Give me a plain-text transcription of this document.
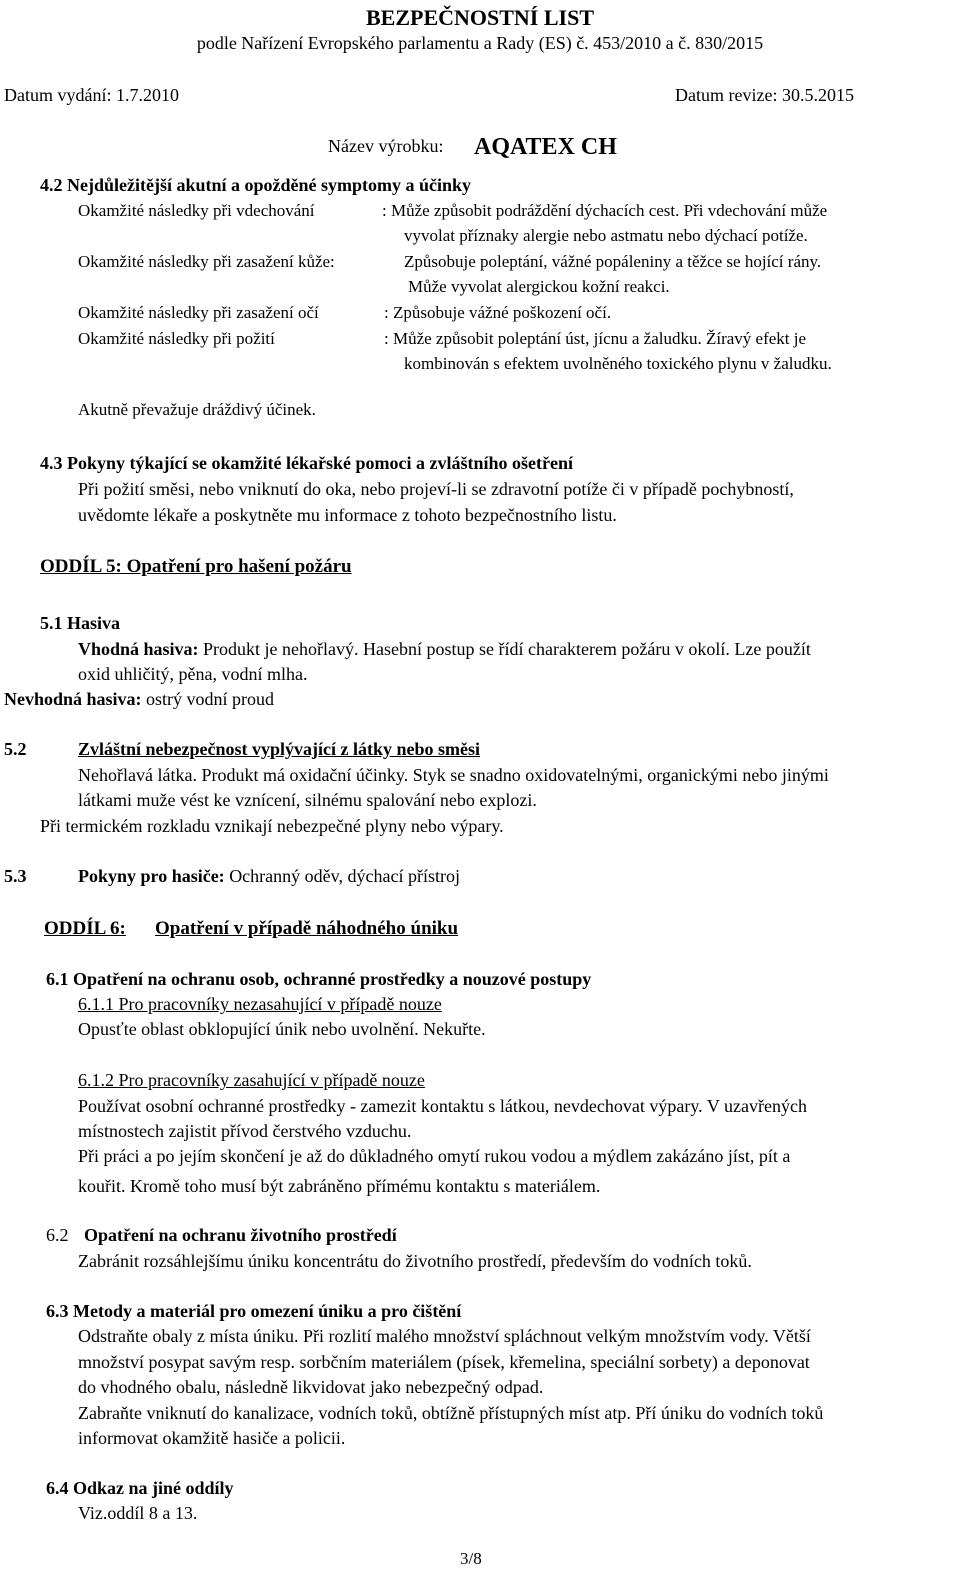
BEZPEČNOSTNÍ LIST
podle Nařízení Evropského parlamentu a Rady (ES) č. 453/2010 a č. 830/2015
Datum vydání: 1.7.2010	Datum revize: 30.5.2015
Název výrobku: AQATEX CH
4.2 Nejdůležitější akutní a opožděné symptomy a účinky
Okamžité následky při vdechování	: Může způsobit podráždění dýchacích cest. Při vdechování může
vyvolat příznaky alergie nebo astmatu nebo dýchací potíže.
Okamžité následky při zasažení kůže:	Způsobuje poleptání, vážné popáleniny a těžce se hojící rány.
Může vyvolat alergickou kožní reakci.
Okamžité následky při zasažení očí	: Způsobuje vážné poškození očí.
Okamžité následky při požití	: Může způsobit poleptání úst, jícnu a žaludku. Žíravý efekt je
kombinován s efektem uvolněného toxického plynu v žaludku.
Akutně převažuje dráždivý účinek.
4.3 Pokyny týkající se okamžité lékařské pomoci a zvláštního ošetření
Při požití směsi, nebo vniknutí do oka, nebo projeví-li se zdravotní potíže či v případě pochybností,
uvědomte lékaře a poskytněte mu informace z tohoto bezpečnostního listu.
ODDÍL 5: Opatření pro hašení požáru
5.1 Hasiva
Vhodná hasiva: Produkt je nehořlavý. Hasební postup se řídí charakterem požáru v okolí. Lze použít
oxid uhličitý, pěna, vodní mlha.
Nevhodná hasiva: ostrý vodní proud
5.2	Zvláštní nebezpečnost vyplývající z látky nebo směsi
Nehořlavá látka. Produkt má oxidační účinky. Styk se snadno oxidovatelnými, organickými nebo jinými
látkami muže vést ke vznícení, silnému spalování nebo explozi.
Při termickém rozkladu vznikají nebezpečné plyny nebo výpary.
5.3	Pokyny pro hasiče: Ochranný oděv, dýchací přístroj
ODDÍL 6: Opatření v případě náhodného úniku
6.1 Opatření na ochranu osob, ochranné prostředky a nouzové postupy
6.1.1 Pro pracovníky nezasahující v případě nouze
Opusťte oblast obklopující únik nebo uvolnění. Nekuřte.
6.1.2 Pro pracovníky zasahující v případě nouze
Používat osobní ochranné prostředky - zamezit kontaktu s látkou, nevdechovat výpary. V uzavřených
místnostech zajistit přívod čerstvého vzduchu.
Při práci a po jejím skončení je až do důkladného omytí rukou vodou a mýdlem zakázáno jíst, pít a
kouřit. Kromě toho musí být zabráněno přímému kontaktu s materiálem.
6.2 Opatření na ochranu životního prostředí
Zabránit rozsáhlejšímu úniku koncentrátu do životního prostředí, především do vodních toků.
6.3 Metody a materiál pro omezení úniku a pro čištění
Odstraňte obaly z místa úniku. Při rozlití malého množství spláchnout velkým množstvím vody. Větší
množství posypat savým resp. sorbčním materiálem (písek, křemelina, speciální sorbety) a deponovat
do vhodného obalu, následně likvidovat jako nebezpečný odpad.
Zabraňte vniknutí do kanalizace, vodních toků, obtížně přístupných míst atp. Pří úniku do vodních toků
informovat okamžitě hasiče a policii.
6.4 Odkaz na jiné oddíly
Viz.oddíl 8 a 13.
3/8
